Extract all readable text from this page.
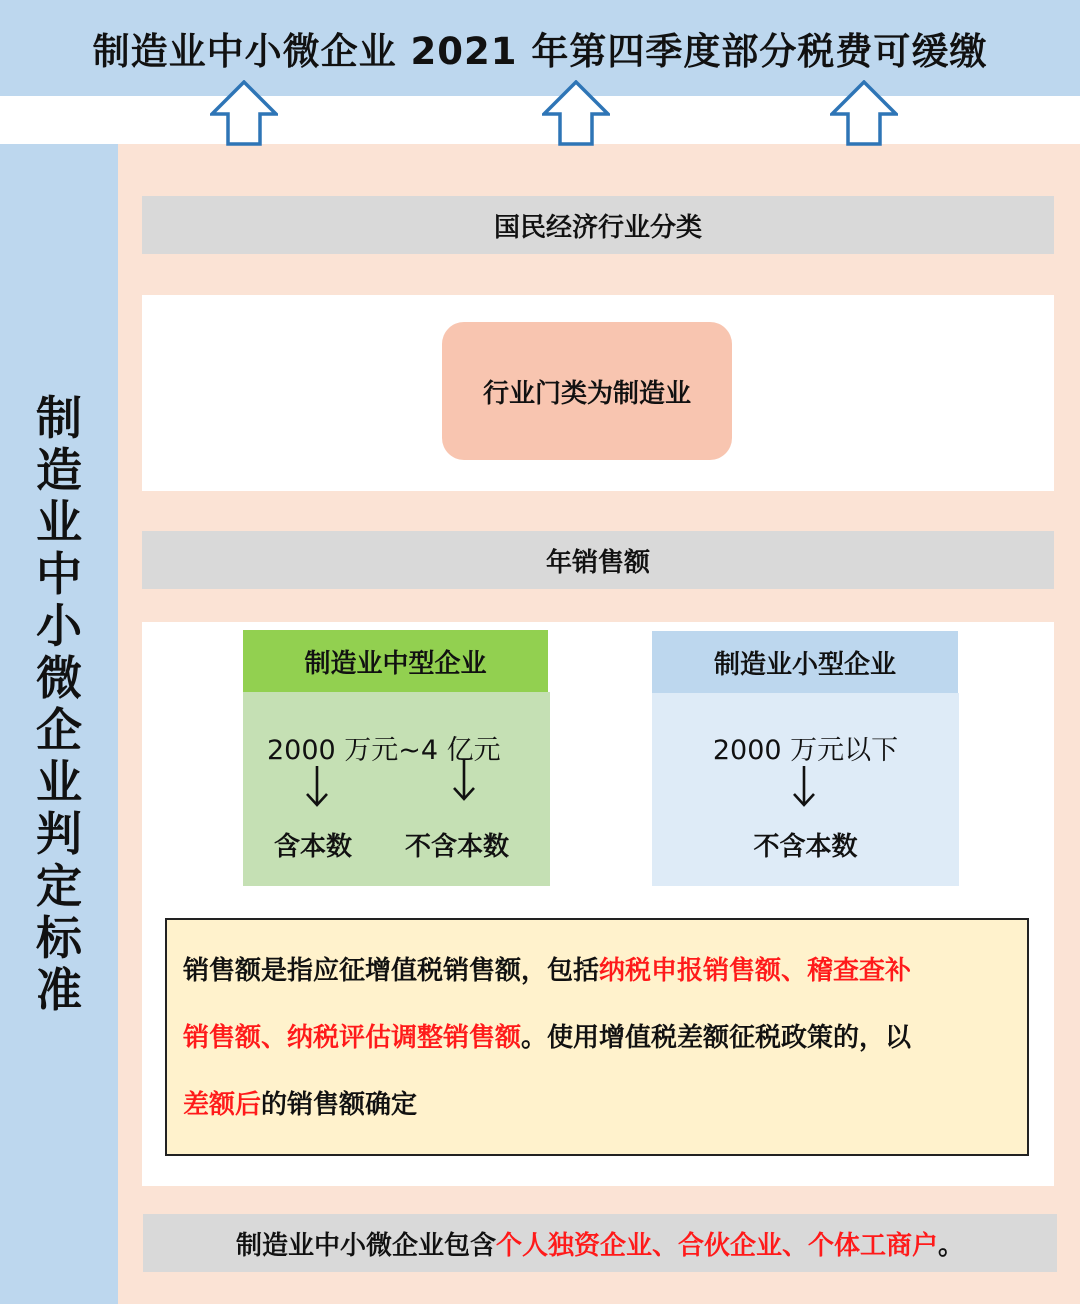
制造业中小微企业 2021 年第四季度部分税费可缓缴
制
造
业
中
小
微
企
业
判
定
标
准
国民经济行业分类
行业门类为制造业
年销售额
制造业中型企业
2000 万元~4 亿元
含本数 不含本数
制造业小型企业
2000 万元以下
不含本数
销售额是指应征增值税销售额，包括纳税申报销售额、稽查查补
销售额、纳税评估调整销售额。使用增值税差额征税政策的，以
差额后的销售额确定
制造业中小微企业包含 个人独资企业、合伙企业、个体工商户 。
